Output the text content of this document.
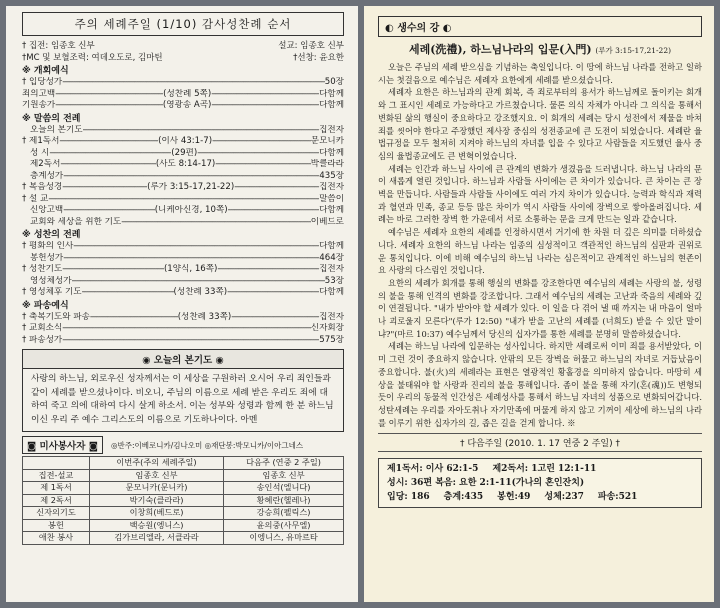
주의 세례주일 (1/10) 감사성찬례 순서
† 집전: 임종호 신부	설교: 임종호 신부
†MC 및 보혈조력: 여데오도로, 김마틴	†선창: 윤요한
※ 개회예식
† 입당성가 -----	50장
죄의고백 -----	(성찬례 5쪽) -----	다함께
기원송가 -----	(영광송 A곡) -----	다함께
※ 말씀의 전례
오늘의 본기도 -----	집전자
† 제1독서 -----	(이사 43:1-7) -----	문모니카
성 시 -----	(29편) -----	다함께
제2독서 -----	(사도 8:14-17) -----	박클라라
층계성가 -----	435장
† 복음성경 -----	(루가 3:15-17,21-22) -----	집전자
† 설 교 -----	말씀이
신앙고백 -----	(니케아신경, 10쪽) -----	다함께
교회와 세상을 위한 기도 -----	이베드로
※ 성찬의 전례
† 평화의 인사 -----	다함께
봉헌성가 -----	464장
† 성찬기도 -----	(1양식, 16쪽) -----	집전자
영성체성가 -----	53장
† 영성체후 기도 -----	(성찬례 33쪽) -----	다함께
※ 파송예식
† 축복기도와 파송 -----	(성찬례 33쪽) -----	집전자
† 교회소식 -----	신자회장
† 파송성가 -----	575장
◉ 오늘의 본기도 ◉
사랑의 하느님, 외로우신 성자께서는 이 세상을 구원하러 오시어 우리 죄인들과 같이 세례를 받으셨나이다. 비오니, 주님의 이름으로 세례 받은 우리도 죄에 대하여 죽고 의에 대하여 다시 살게 하소서. 이는 성부와 성령과 함께 한 분 하느님이신 우리 주 예수 그리스도의 이름으로 기도하나이다. 아멘
◙ 미사봉사자 ◙	◎반주:이베로니카/김나오미 ◎재단봉:박모니카/이아그네스
	이번주(주의 세례주일)	다음주 (연중 2 주일)
집전-설교	임종호 신부	임종호 신부
제 1독서	문모니카(문니카)	송인석(엘니다)
제 2독서	박기숙(클라라)	황혜란(헬레나)
신자의기도	이창희(베드로)	강승희(펠릭스)
봉헌	백승원(엥니스)	윤의중(사무엘)
애찬 봉사	김가브리엘라, 서클라라	이엥니스, 유마르타
◐ 생수의 강 ◐
세례(洗禮), 하느님나라의 입문(入門) (루가 3:15-17,21-22)

오늘은 주님의 세례 받으심을 기념하는 축일입니다. 이 땅에 하느님 나라를 전하고 일하시는 첫걸음으로 예수님은 세례자 요한에게 세례를 받으셨습니다.

세례자 요한은 하느님과의 관계 회복, 즉 죄로부터의 용서가 하느님께로 돌이키는 회개와 그 표시인 세례로 가능하다고 가르쳤습니다. 물론 의식 자체가 아니라 그 의식을 통해서 변화된 삶의 행실이 중요하다고 강조했지요. 이 회개의 세례는 당시 성전에서 제물을 바쳐 죄를 씻어야 한다고 주장했던 제사장 중심의 성전종교에 큰 도전이 되었습니다. 세례란 율법규정을 모두 철저히 지켜야 하느님의 자녀를 입을 수 있다고 사람들을 지도했던 율사 중심의 율법종교에도 큰 변혁이었습니다.

세례는 인간과 하느님 사이에 큰 관계의 변화가 생겼음을 드러냅니다. 하느님 나라의 문이 새롭게 열린 것입니다. 하느님과 사람들 사이에는 큰 차이가 있습니다. 큰 차이는 큰 장벽을 만듭니다. 사람들과 사람들 사이에도 여러 가지 차이가 있습니다. 능력과 학식과 재력과 혈연과 민족, 종교 등등 많은 차이가 역시 사람들 사이에 장벽으로 쌓아올려집니다. 세례는 바로 그러한 장벽 한 가운데서 서로 소통하는 문을 크게 만드는 일과 같습니다.

예수님은 세례자 요한의 세례를 인정하시면서 거기에 한 차원 더 깊은 의미를 더하셨습니다. 세례자 요한의 하느님 나라는 임종의 심성적이고 객관적인 하느님의 심판과 권위로운 통치입니다. 이에 비해 예수님의 하느님 나라는 심은적이고 관계적인 하느님의 현존이요 사랑의 다스림인 것입니다.

요한의 세례가 회개를 통해 행실의 변화를 강조한다면 예수님의 세례는 사랑의 불, 성령의 불을 통해 인격의 변화를 강조합니다. 그래서 예수님의 세례는 고난과 죽음의 세례와 깊이 연결됩니다. "내가 받아야 할 세례가 있다. 이 일을 다 겪어 낼 때 까지는 내 마음이 얼마나 괴로울지 모른다"(루가 12:50) "내가 받을 고난의 세례를 (너희도) 받을 수 있단 말이냐?"(마르 10:37) 예수님께서 당신의 십자가를 통한 세례를 분명히 말씀하셨습니다.

세례는 하느님 나라에 입문하는 성사입니다. 하지만 세례로써 이미 죄를 용서받았다, 이미 그런 것이 중요하지 않습니다. 안팎의 모든 장벽을 허물고 하느님의 자녀로 거듭났음이 중요합니다. 불(火)의 세례라는 표현은 열광적인 황홀경을 의미하지 않습니다. 마땅히 세상을 불태워야 할 사랑과 진리의 불을 통해입니다. 좀이 불을 통해 자기(혼(魂))도 변형되듯이 우리의 동물적 인간성은 세례성사를 통해서 하느님 자녀의 성품으로 변화되어갑니다. 성탄세례는 우리를 자아도취나 자기만족에 머물게 하지 않고 기꺼이 세상에 하느님의 나라를 이루기 위한 십자가의 길, 좁은 길을 걷게 합니다. ※

† 다음주일 (2010. 1. 17 연중 2 주일) †
제1독서: 이사 62:1-5 제2독서: 1고린 12:1-11
성시: 36편 복음: 요한 2:1-11(가나의 혼인잔치)
입당: 186 층계:435 봉헌:49 성체:237 파송:521
